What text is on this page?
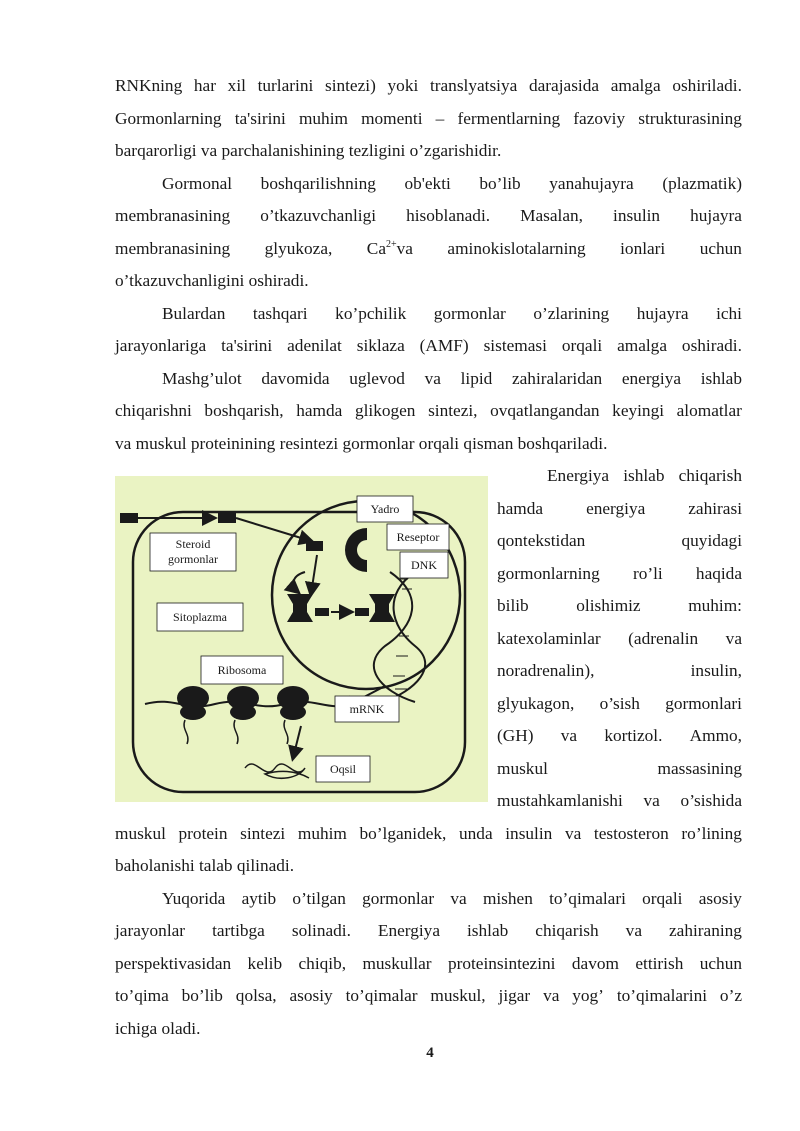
RNKning har xil turlarini sintezi) yoki translyatsiya darajasida amalga oshiriladi.
Gormonlarning ta'sirini muhim momenti – fermentlarning fazoviy strukturasining
barqarorligi va parchalanishining tezligini o’zgarishidir.
Gormonal boshqarilishning ob'ekti bo’lib yanahujayra (plazmatik)
membranasining o’tkazuvchanligi hisoblanadi. Masalan, insulin hujayra
membranasining glyukoza, $Ca^{2+}va$ aminokislotalarning ionlari uchun
o’tkazuvchanligini oshiradi.
Bulardan tashqari ko’pchilik gormonlar o’zlarining hujayra ichi
jarayonlariga ta'sirini adenilat siklaza (AMF) sistemasi orqali amalga oshiradi.
Mashg’ulot davomida uglevod va lipid zahiralaridan energiya ishlab
chiqarishni boshqarish, hamda glikogen sintezi, ovqatlangandan keyingi alomatlar
va muskul proteinining resintezi gormonlar orqali qisman boshqariladi.
Energiya ishlab chiqarish
hamda energiya zahirasi
qontekstidan	quyidagi
gormonlarning ro’li haqida
bilib	olishimiz	muhim:
katexolaminlar (adrenalin va
noradrenalin),	insulin,
glyukagon, o’sish gormonlari
(GH) va kortizol. Ammo,
muskul	massasining
mustahkamlanishi va o’sishida
Yadro
Reseptor
DNK
Steroid
gormonlar
Sitoplazma
Ribosoma
mRNK
Oqsil
muskul protein sintezi muhim bo’lganidek, unda insulin va testosteron ro’lining
baholanishi talab qilinadi.
Yuqorida aytib o’tilgan gormonlar va mishen to’qimalari orqali asosiy
jarayonlar tartibga solinadi. Energiya ishlab chiqarish va zahiraning
perspektivasidan kelib chiqib, muskullar proteinsintezini davom ettirish uchun
to’qima bo’lib qolsa, asosiy to’qimalar muskul, jigar va yog’ to’qimalarini o’z
ichiga oladi.
4
